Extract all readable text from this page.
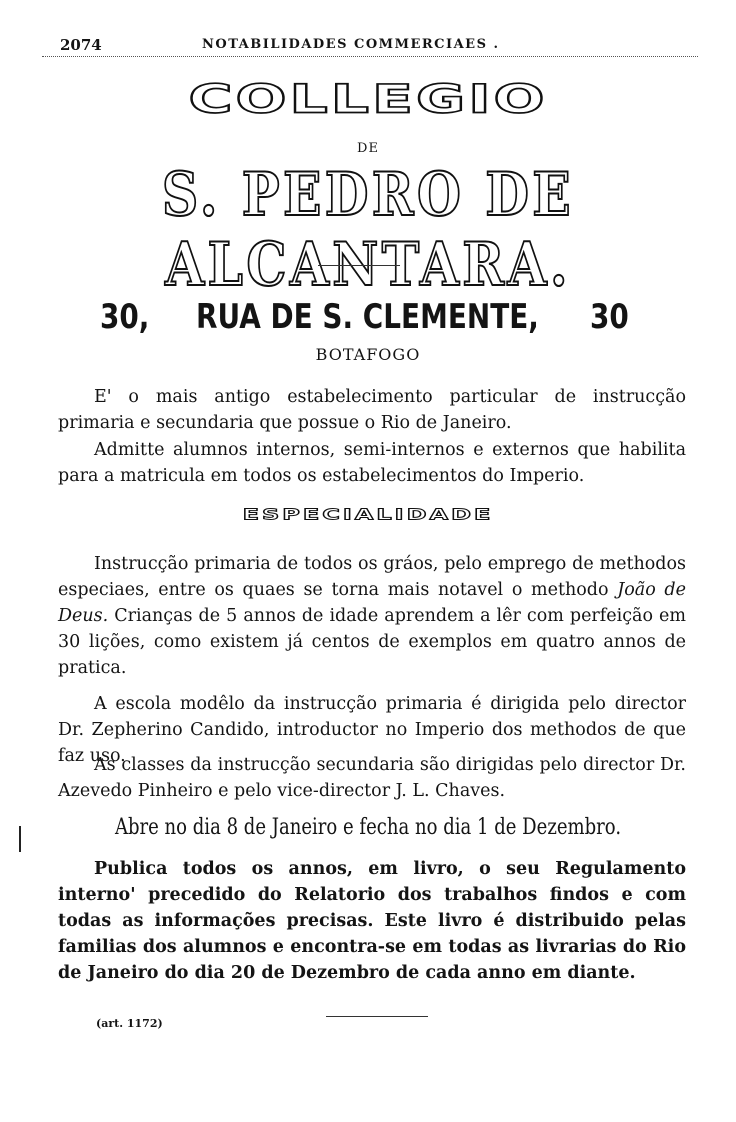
2074	NOTABILIDADES COMMERCIAES .
COLLEGIO
DE
S. PEDRO DE ALCANTARA.
30, RUA DE S. CLEMENTE, 30
BOTAFOGO
E' o mais antigo estabelecimento particular de instrucção primaria e secundaria que possue o Rio de Janeiro.
Admitte alumnos internos, semi-internos e externos que habilita para a matricula em todos os estabelecimentos do Imperio.
ESPECIALIDADE
Instrucção primaria de todos os gráos, pelo emprego de methodos especiaes, entre os quaes se torna mais notavel o methodo João de Deus. Crianças de 5 annos de idade aprendem a lêr com perfeição em 30 lições, como existem já centos de exemplos em quatro annos de pratica.
A escola modêlo da instrucção primaria é dirigida pelo director Dr. Zepherino Candido, introductor no Imperio dos methodos de que faz uso.
As classes da instrucção secundaria são dirigidas pelo director Dr. Azevedo Pinheiro e pelo vice-director J. L. Chaves.
Abre no dia 8 de Janeiro e fecha no dia 1 de Dezembro.
Publica todos os annos, em livro, o seu Regulamento interno' precedido do Relatorio dos trabalhos findos e com todas as informações precisas. Este livro é distribuido pelas familias dos alumnos e encontra-se em todas as livrarias do Rio de Janeiro do dia 20 de Dezembro de cada anno em diante.
(art. 1172)
